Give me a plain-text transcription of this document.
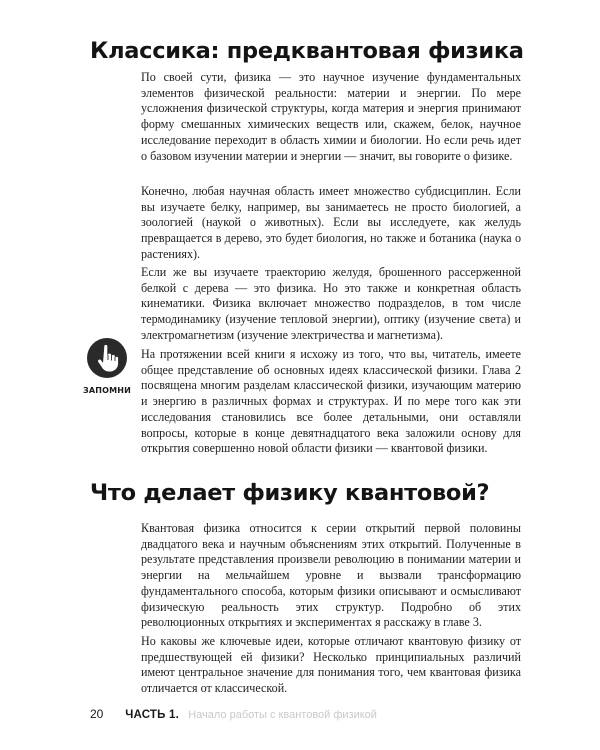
Классика: предквантовая физика

По своей сути, физика — это научное изучение фундаментальных элементов физической реальности: материи и энергии. По мере усложнения физической структуры, когда материя и энергия принимают форму смешанных химических веществ или, скажем, белок, научное исследование переходит в область химии и биологии. Но если речь идет о базовом изучении материи и энергии — значит, вы говорите о физике.

Конечно, любая научная область имеет множество субдисциплин. Если вы изучаете белку, например, вы занимаетесь не просто биологией, а зоологией (наукой о животных). Если вы исследуете, как желудь превращается в дерево, это будет биология, но также и ботаника (наука о растениях).

Если же вы изучаете траекторию желудя, брошенного рассерженной белкой с дерева — это физика. Но это также и конкретная область кинематики. Физика включает множество подразделов, в том числе термодинамику (изучение тепловой энергии), оптику (изучение света) и электромагнетизм (изучение электричества и магнетизма).

ЗАПОМНИ

На протяжении всей книги я исхожу из того, что вы, читатель, имеете общее представление об основных идеях классической физики. Глава 2 посвящена многим разделам классической физики, изучающим материю и энергию в различных формах и структурах. И по мере того как эти исследования становились все более детальными, они оставляли вопросы, которые в конце девятнадцатого века заложили основу для открытия совершенно новой области физики — квантовой физики.

Что делает физику квантовой?

Квантовая физика относится к серии открытий первой половины двадцатого века и научным объяснениям этих открытий. Полученные в результате представления произвели революцию в понимании материи и энергии на мельчайшем уровне и вызвали трансформацию фундаментального способа, которым физики описывают и осмысливают физическую реальность этих структур. Подробно об этих революционных открытиях и экспериментах я расскажу в главе 3.

Но каковы же ключевые идеи, которые отличают квантовую физику от предшествующей ей физики? Несколько принципиальных различий имеют центральное значение для понимания того, чем квантовая физика отличается от классической.

20 ЧАСТЬ 1. Начало работы с квантовой физикой
